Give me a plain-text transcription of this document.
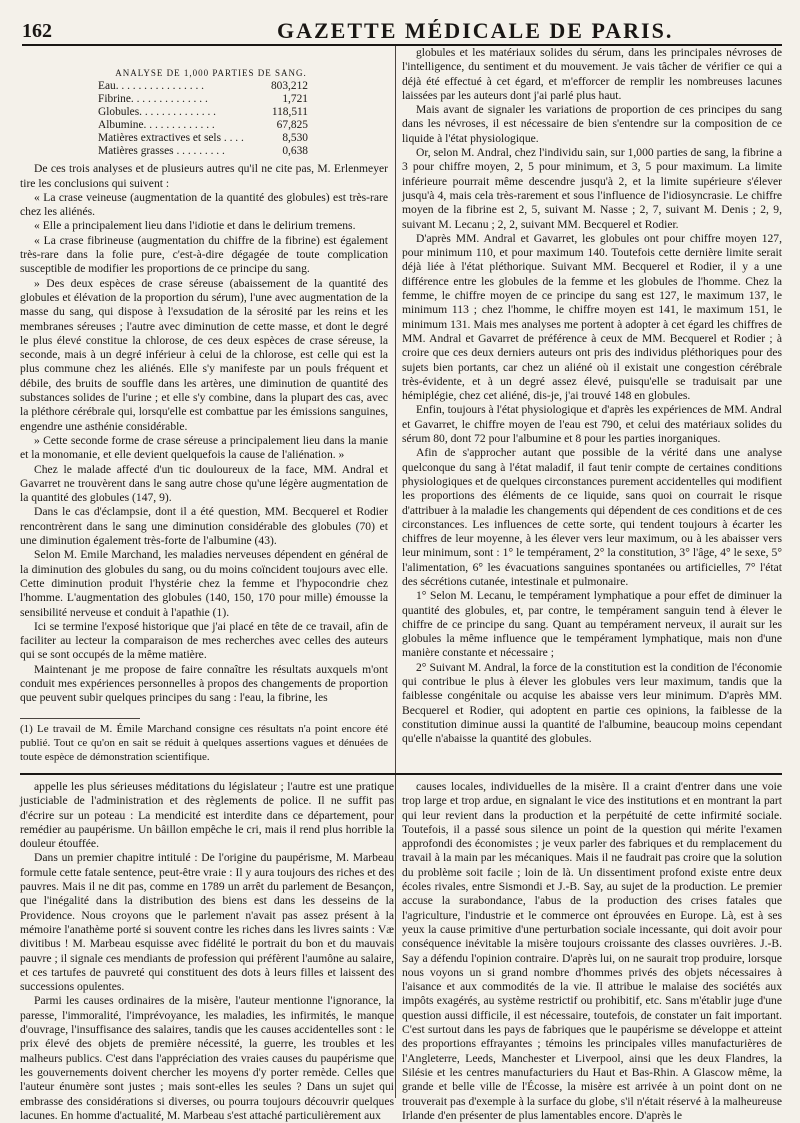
162	GAZETTE MÉDICALE DE PARIS.

ANALYSE DE 1,000 PARTIES DE SANG.

Eau. . . . . . . . . . . . . . . .	803,212
Fibrine. . . . . . . . . . . . . .	1,721
Globules. . . . . . . . . . . . . .	118,511
Albumine. . . . . . . . . . . . .	67,825
Matières extractives et sels . . . .	8,530
Matières grasses . . . . . . . . .	0,638

De ces trois analyses et de plusieurs autres qu'il ne cite pas, M. Erlenmeyer tire les conclusions qui suivent :

« La crase veineuse (augmentation de la quantité des globules) est très-rare chez les aliénés.

« Elle a principalement lieu dans l'idiotie et dans le delirium tremens.

« La crase fibrineuse (augmentation du chiffre de la fibrine) est également très-rare dans la folie pure, c'est-à-dire dégagée de toute complication susceptible de modifier les proportions de ce principe du sang.

» Des deux espèces de crase séreuse (abaissement de la quantité des globules et élévation de la proportion du sérum), l'une avec augmentation de la masse du sang, qui dispose à l'exsudation de la sérosité par les reins et les membranes séreuses ; l'autre avec diminution de cette masse, et dont le degré le plus élevé constitue la chlorose, de ces deux espèces de crase séreuse, la seconde, mais à un degré inférieur à celui de la chlorose, est celle qui est la plus commune chez les aliénés. Elle s'y manifeste par un pouls fréquent et débile, des bruits de souffle dans les artères, une diminution de quantité des substances solides de l'urine ; et elle s'y combine, dans la plupart des cas, avec la pléthore cérébrale qui, lorsqu'elle est combattue par les émissions sanguines, engendre une asthénie considérable.

» Cette seconde forme de crase séreuse a principalement lieu dans la manie et la monomanie, et elle devient quelquefois la cause de l'aliénation. »

Chez le malade affecté d'un tic douloureux de la face, MM. Andral et Gavarret ne trouvèrent dans le sang autre chose qu'une légère augmentation de la quantité des globules (147, 9).

Dans le cas d'éclampsie, dont il a été question, MM. Becquerel et Rodier rencontrèrent dans le sang une diminution considérable des globules (70) et une diminution également très-forte de l'albumine (43).

Selon M. Emile Marchand, les maladies nerveuses dépendent en général de la diminution des globules du sang, ou du moins coïncident toujours avec elle. Cette diminution produit l'hystérie chez la femme et l'hypocondrie chez l'homme. L'augmentation des globules (140, 150, 170 pour mille) émousse la sensibilité nerveuse et conduit à l'apathie (1).

Ici se termine l'exposé historique que j'ai placé en tête de ce travail, afin de faciliter au lecteur la comparaison de mes recherches avec celles des auteurs qui se sont occupés de la même matière.

Maintenant je me propose de faire connaître les résultats auxquels m'ont conduit mes expériences personnelles à propos des changements de proportion que peuvent subir quelques principes du sang : l'eau, la fibrine, les

(1) Le travail de M. Émile Marchand consigne ces résultats n'a point encore été publié. Tout ce qu'on en sait se réduit à quelques assertions vagues et dénuées de toute espèce de démonstration scientifique.

globules et les matériaux solides du sérum, dans les principales névroses de l'intelligence, du sentiment et du mouvement. Je vais tâcher de vérifier ce qui a déjà été effectué à cet égard, et m'efforcer de remplir les nombreuses lacunes laissées par les auteurs dont j'ai parlé plus haut.

Mais avant de signaler les variations de proportion de ces principes du sang dans les névroses, il est nécessaire de bien s'entendre sur la composition de ce liquide à l'état physiologique.

Or, selon M. Andral, chez l'individu sain, sur 1,000 parties de sang, la fibrine a 3 pour chiffre moyen, 2, 5 pour minimum, et 3, 5 pour maximum. La limite inférieure pourrait même descendre jusqu'à 2, et la limite supérieure s'élever jusqu'à 4, mais cela très-rarement et sous l'influence de l'idiosyncrasie. Le chiffre moyen de la fibrine est 2, 5, suivant M. Nasse ; 2, 7, suivant M. Denis ; 2, 9, suivant M. Lecanu ; 2, 2, suivant MM. Becquerel et Rodier.

D'après MM. Andral et Gavarret, les globules ont pour chiffre moyen 127, pour minimum 110, et pour maximum 140. Toutefois cette dernière limite serait déjà liée à l'état pléthorique. Suivant MM. Becquerel et Rodier, il y a une différence entre les globules de la femme et les globules de l'homme. Chez la femme, le chiffre moyen de ce principe du sang est 127, le maximum 137, le minimum 113 ; chez l'homme, le chiffre moyen est 141, le maximum 151, le minimum 131. Mais mes analyses me portent à adopter à cet égard les chiffres de MM. Andral et Gavarret de préférence à ceux de MM. Becquerel et Rodier ; à croire que ces deux derniers auteurs ont pris des individus pléthoriques pour des sujets bien portants, car chez un aliéné où il existait une congestion cérébrale très-évidente, et à un degré assez élevé, puisqu'elle se traduisait par une hémiplégie, chez cet aliéné, dis-je, j'ai trouvé 148 en globules.

Enfin, toujours à l'état physiologique et d'après les expériences de MM. Andral et Gavarret, le chiffre moyen de l'eau est 790, et celui des matériaux solides du sérum 80, dont 72 pour l'albumine et 8 pour les parties inorganiques.

Afin de s'approcher autant que possible de la vérité dans une analyse quelconque du sang à l'état maladif, il faut tenir compte de certaines conditions physiologiques et de quelques circonstances purement accidentelles qui modifient les proportions des éléments de ce liquide, sans quoi on courrait le risque d'attribuer à la maladie les changements qui dépendent de ces conditions et de ces circonstances. Les influences de cette sorte, qui tendent toujours à écarter les chiffres de leur moyenne, à les élever vers leur maximum, ou à les abaisser vers leur minimum, sont : 1° le tempérament, 2° la constitution, 3° l'âge, 4° le sexe, 5° l'alimentation, 6° les évacuations sanguines spontanées ou artificielles, 7° l'état des sécrétions cutanée, intestinale et pulmonaire.

1° Selon M. Lecanu, le tempérament lymphatique a pour effet de diminuer la quantité des globules, et, par contre, le tempérament sanguin tend à élever le chiffre de ce principe du sang. Quant au tempérament nerveux, il aurait sur les globules la même influence que le tempérament lymphatique, mais non d'une manière constante et nécessaire ;

2° Suivant M. Andral, la force de la constitution est la condition de l'économie qui contribue le plus à élever les globules vers leur maximum, tandis que la faiblesse congénitale ou acquise les abaisse vers leur minimum. D'après MM. Becquerel et Rodier, qui adoptent en partie ces opinions, la faiblesse de la constitution diminue aussi la quantité de l'albumine, beaucoup moins cependant qu'elle n'abaisse la quantité des globules.

appelle les plus sérieuses méditations du législateur ; l'autre est une pratique justiciable de l'administration et des règlements de police. Il ne suffit pas d'écrire sur un poteau : La mendicité est interdite dans ce département, pour remédier au paupérisme. Un bâillon empêche le cri, mais il rend plus horrible la douleur étouffée.

Dans un premier chapitre intitulé : De l'origine du paupérisme, M. Marbeau formule cette fatale sentence, peut-être vraie : Il y aura toujours des riches et des pauvres. Mais il ne dit pas, comme en 1789 un arrêt du parlement de Besançon, que l'inégalité dans la distribution des biens est dans les desseins de la Providence. Nous croyons que le parlement n'avait pas assez présent à la mémoire l'anathème porté si souvent contre les riches dans les livres saints : Væ divitibus ! M. Marbeau esquisse avec fidélité le portrait du bon et du mauvais pauvre ; il signale ces mendiants de profession qui préfèrent l'aumône au salaire, et ces tartufes de pauvreté qui constituent des dots à leurs filles et laissent des successions opulentes.

Parmi les causes ordinaires de la misère, l'auteur mentionne l'ignorance, la paresse, l'immoralité, l'imprévoyance, les maladies, les infirmités, le manque d'ouvrage, l'insuffisance des salaires, tandis que les causes accidentelles sont : le prix élevé des objets de première nécessité, la guerre, les troubles et les malheurs publics. C'est dans l'appréciation des vraies causes du paupérisme que les gouvernements doivent chercher les moyens d'y porter remède. Celles que l'auteur énumère sont justes ; mais sont-elles les seules ? Dans un sujet qui embrasse des considérations si diverses, ou pourra toujours découvrir quelques lacunes. En homme d'actualité, M. Marbeau s'est attaché particulièrement aux

causes locales, individuelles de la misère. Il a craint d'entrer dans une voie trop large et trop ardue, en signalant le vice des institutions et en montrant la part qui leur revient dans la production et la perpétuité de cette infirmité sociale. Toutefois, il a passé sous silence un point de la question qui mérite l'examen approfondi des économistes ; je veux parler des fabriques et du remplacement du travail à la main par les mécaniques. Mais il ne faudrait pas croire que la solution du problème soit facile ; loin de là. Un dissentiment profond existe entre deux écoles rivales, entre Sismondi et J.-B. Say, au sujet de la production. Le premier accuse la surabondance, l'abus de la production des crises fatales que l'agriculture, l'industrie et le commerce ont éprouvées en Europe. Là, est à ses yeux la cause primitive d'une perturbation sociale incessante, qui doit avoir pour conséquence inévitable la misère toujours croissante des classes ouvrières. J.-B. Say a défendu l'opinion contraire. D'après lui, on ne saurait trop produire, lorsque nous voyons un si grand nombre d'hommes privés des objets nécessaires à l'aisance et aux commodités de la vie. Il attribue le malaise des sociétés aux impôts exagérés, au système restrictif ou prohibitif, etc. Sans m'établir juge d'une question aussi difficile, il est nécessaire, toutefois, de constater un fait important. C'est surtout dans les pays de fabriques que le paupérisme se développe et atteint des proportions effrayantes ; témoins les principales villes manufacturières de l'Angleterre, Leeds, Manchester et Liverpool, ainsi que les deux Flandres, la Silésie et les centres manufacturiers du Haut et Bas-Rhin. A Glascow même, la grande et belle ville de l'Écosse, la misère est arrivée à un point dont on ne trouverait pas d'exemple à la surface du globe, s'il n'était réservé à la malheureuse Irlande d'en présenter de plus lamentables encore. D'après le
